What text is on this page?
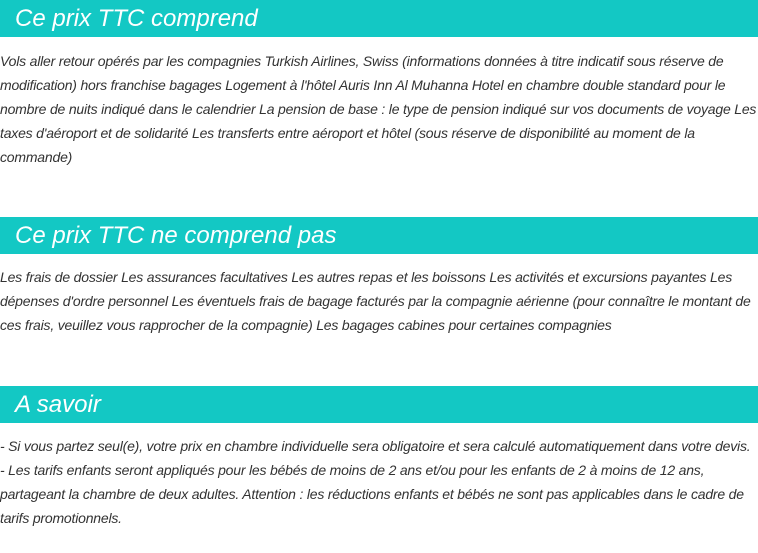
Ce prix TTC comprend

Vols aller retour opérés par les compagnies Turkish Airlines, Swiss (informations données à titre indicatif sous réserve de modification) hors franchise bagages Logement à l'hôtel Auris Inn Al Muhanna Hotel en chambre double standard pour le nombre de nuits indiqué dans le calendrier La pension de base : le type de pension indiqué sur vos documents de voyage Les taxes d'aéroport et de solidarité Les transferts entre aéroport et hôtel (sous réserve de disponibilité au moment de la commande)

Ce prix TTC ne comprend pas

Les frais de dossier Les assurances facultatives Les autres repas et les boissons Les activités et excursions payantes Les dépenses d'ordre personnel Les éventuels frais de bagage facturés par la compagnie aérienne (pour connaître le montant de ces frais, veuillez vous rapprocher de la compagnie) Les bagages cabines pour certaines compagnies

A savoir

- Si vous partez seul(e), votre prix en chambre individuelle sera obligatoire et sera calculé automatiquement dans votre devis.

- Les tarifs enfants seront appliqués pour les bébés de moins de 2 ans et/ou pour les enfants de 2 à moins de 12 ans, partageant la chambre de deux adultes. Attention : les réductions enfants et bébés ne sont pas applicables dans le cadre de tarifs promotionnels.
